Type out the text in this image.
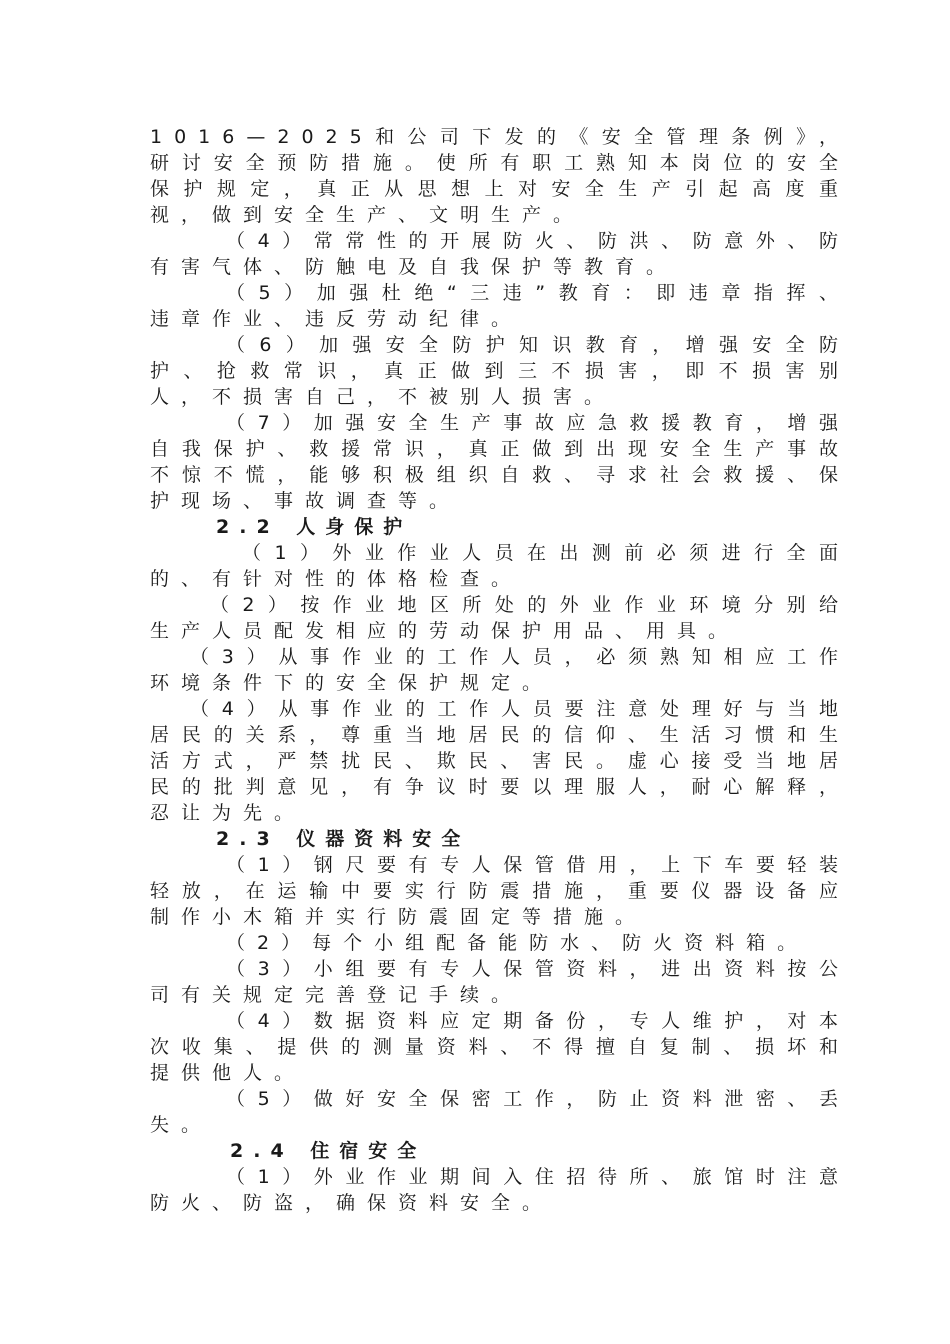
1016—2025和公司下发的《安全管理条例》，研讨安全预防措施。使所有职工熟知本岗位的安全保护规定，真正从思想上对安全生产引起高度重视，做到安全生产、文明生产。

（4）常常性的开展防火、防洪、防意外、防有害气体、防触电及自我保护等教育。

（5）加强杜绝“三违”教育：即违章指挥、违章作业、违反劳动纪律。

（6）加强安全防护知识教育，增强安全防护、抢救常识，真正做到三不损害，即不损害别人，不损害自己，不被别人损害。

（7）加强安全生产事故应急救援教育，增强自我保护、救援常识，真正做到出现安全生产事故不惊不慌，能够积极组织自救、寻求社会救援、保护现场、事故调查等。

2.2 人身保护

（1）外业作业人员在出测前必须进行全面的、有针对性的体格检查。

（2）按作业地区所处的外业作业环境分别给生产人员配发相应的劳动保护用品、用具。

（3）从事作业的工作人员，必须熟知相应工作环境条件下的安全保护规定。

（4）从事作业的工作人员要注意处理好与当地居民的关系，尊重当地居民的信仰、生活习惯和生活方式，严禁扰民、欺民、害民。虚心接受当地居民的批判意见，有争议时要以理服人，耐心解释，忍让为先。

2.3 仪器资料安全

（1）钢尺要有专人保管借用，上下车要轻装轻放，在运输中要实行防震措施，重要仪器设备应制作小木箱并实行防震固定等措施。

（2）每个小组配备能防水、防火资料箱。

（3）小组要有专人保管资料，进出资料按公司有关规定完善登记手续。

（4）数据资料应定期备份，专人维护，对本次收集、提供的测量资料、不得擅自复制、损坏和提供他人。

（5）做好安全保密工作，防止资料泄密、丢失。

2.4 住宿安全

（1）外业作业期间入住招待所、旅馆时注意防火、防盗，确保资料安全。
